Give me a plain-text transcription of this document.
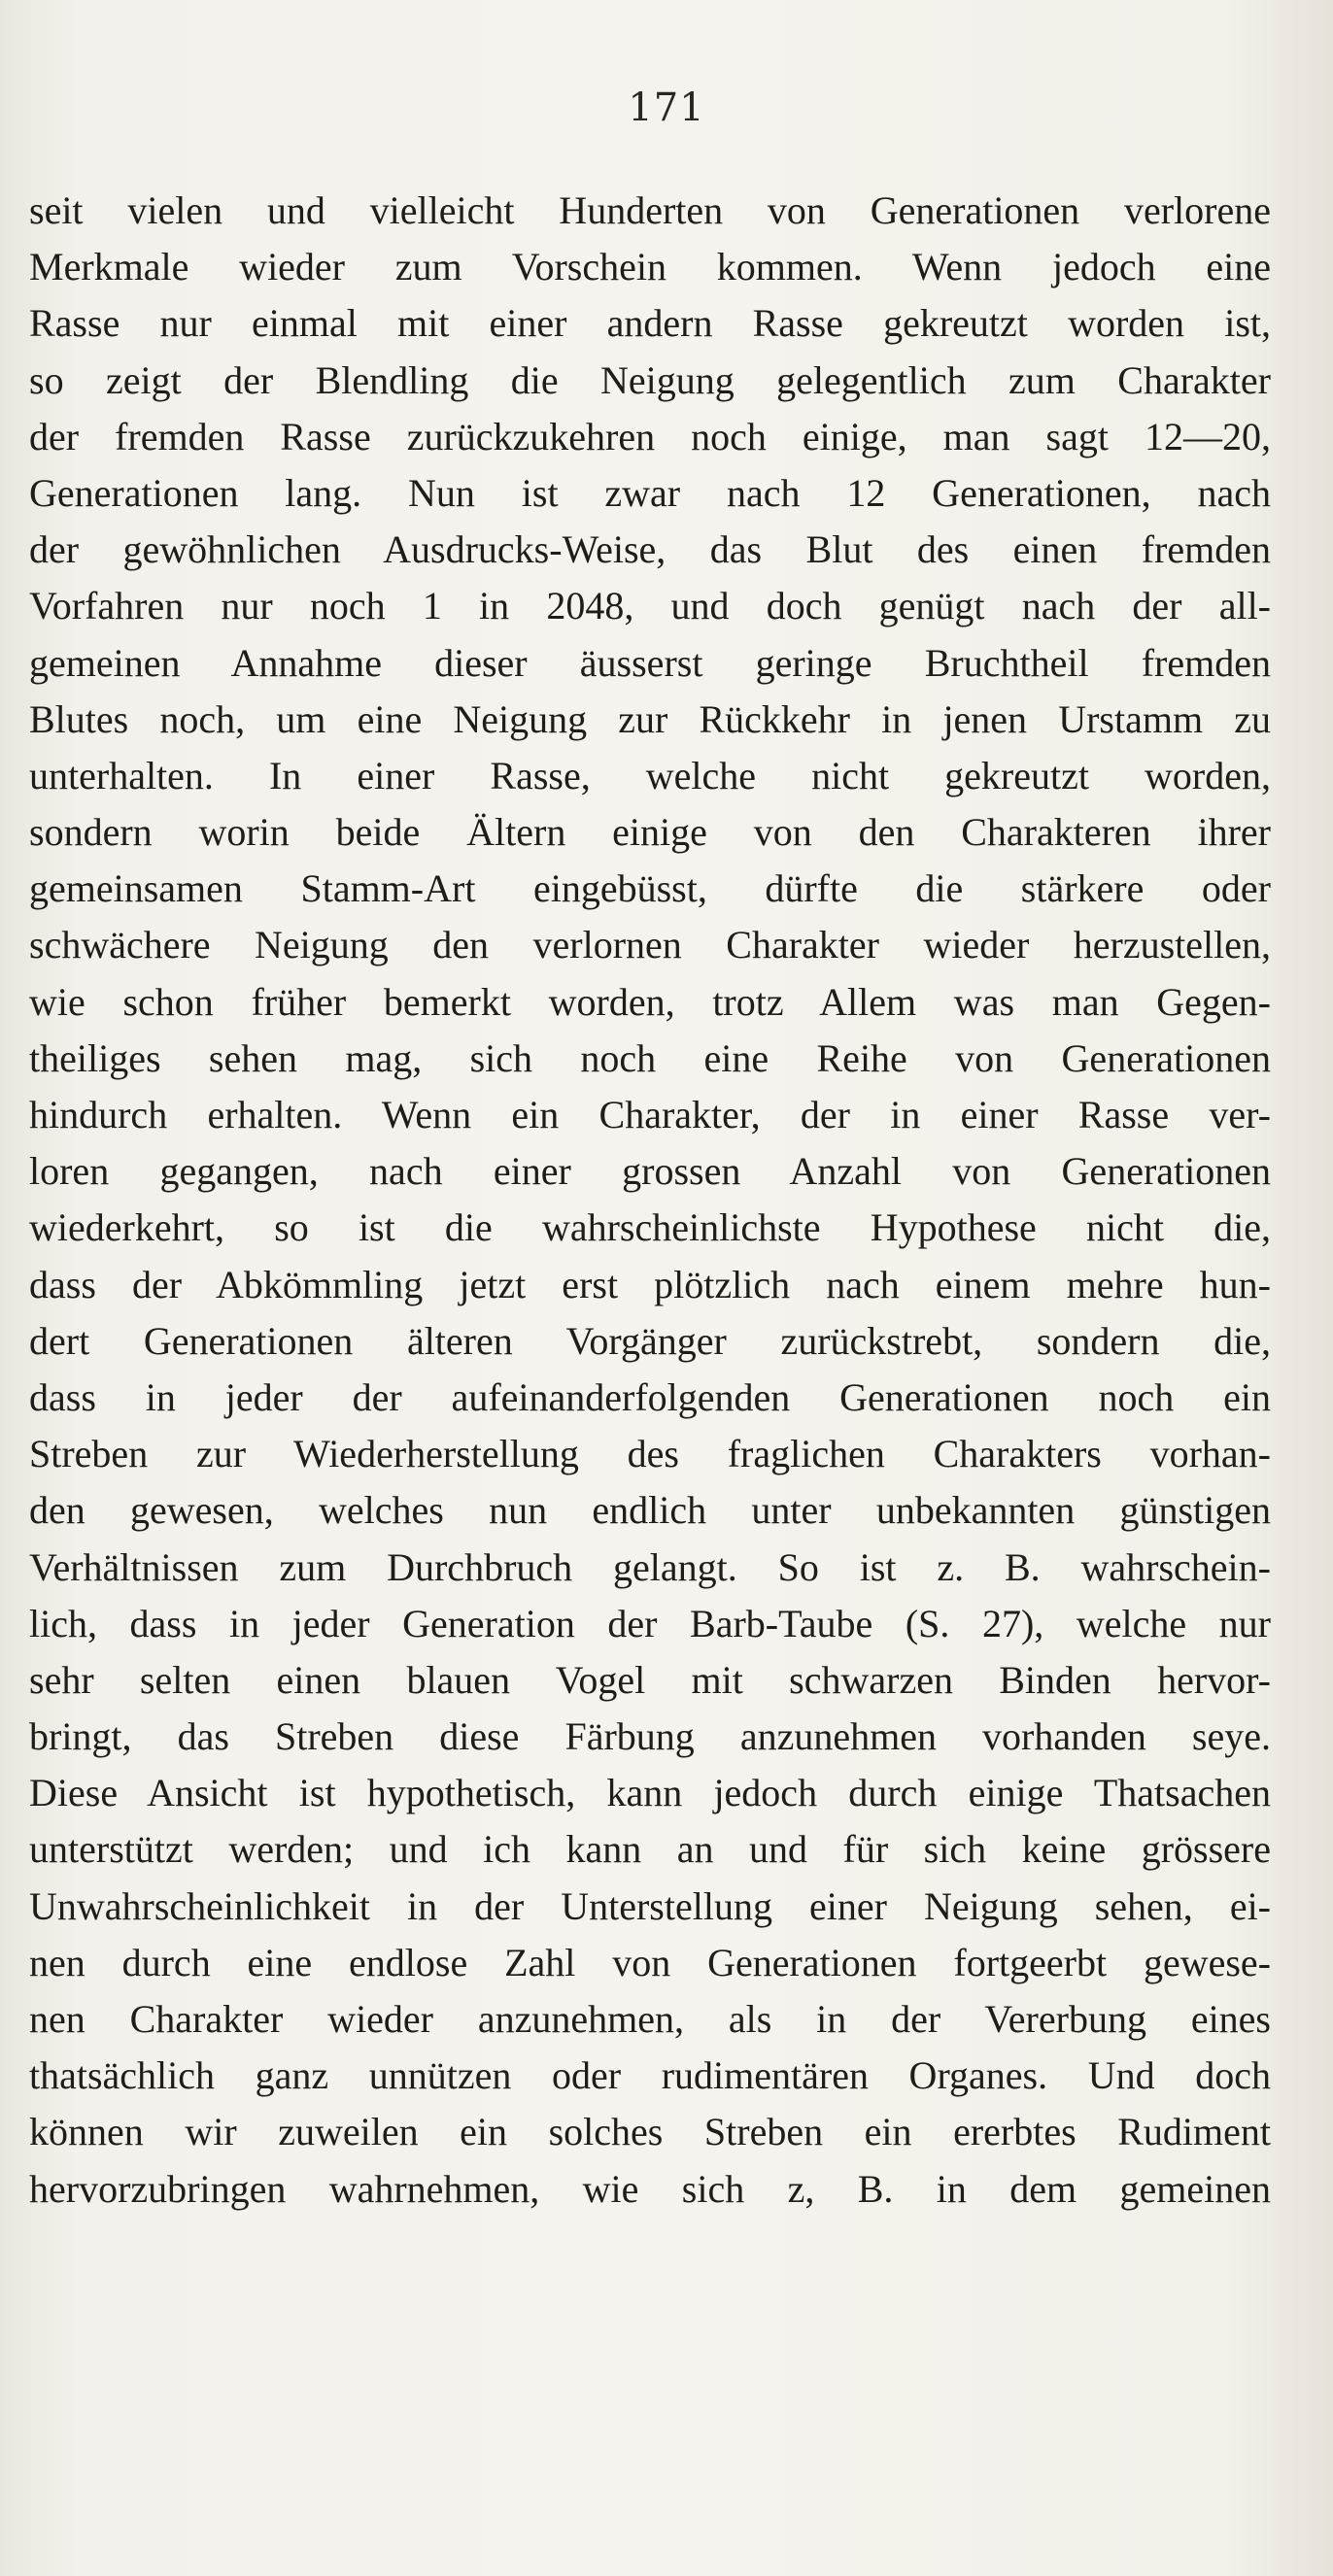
171
seit vielen und vielleicht Hunderten von Generationen verlorene
Merkmale wieder zum Vorschein kommen. Wenn jedoch eine
Rasse nur einmal mit einer andern Rasse gekreutzt worden ist,
so zeigt der Blendling die Neigung gelegentlich zum Charakter
der fremden Rasse zurückzukehren noch einige, man sagt 12—20,
Generationen lang. Nun ist zwar nach 12 Generationen, nach
der gewöhnlichen Ausdrucks-Weise, das Blut des einen fremden
Vorfahren nur noch 1 in 2048, und doch genügt nach der all-
gemeinen Annahme dieser äusserst geringe Bruchtheil fremden
Blutes noch, um eine Neigung zur Rückkehr in jenen Urstamm zu
unterhalten. In einer Rasse, welche nicht gekreutzt worden,
sondern worin beide Ältern einige von den Charakteren ihrer
gemeinsamen Stamm-Art eingebüsst, dürfte die stärkere oder
schwächere Neigung den verlornen Charakter wieder herzustellen,
wie schon früher bemerkt worden, trotz Allem was man Gegen-
theiliges sehen mag, sich noch eine Reihe von Generationen
hindurch erhalten. Wenn ein Charakter, der in einer Rasse ver-
loren gegangen, nach einer grossen Anzahl von Generationen
wiederkehrt, so ist die wahrscheinlichste Hypothese nicht die,
dass der Abkömmling jetzt erst plötzlich nach einem mehre hun-
dert Generationen älteren Vorgänger zurückstrebt, sondern die,
dass in jeder der aufeinanderfolgenden Generationen noch ein
Streben zur Wiederherstellung des fraglichen Charakters vorhan-
den gewesen, welches nun endlich unter unbekannten günstigen
Verhältnissen zum Durchbruch gelangt. So ist z. B. wahrschein-
lich, dass in jeder Generation der Barb-Taube (S. 27), welche nur
sehr selten einen blauen Vogel mit schwarzen Binden hervor-
bringt, das Streben diese Färbung anzunehmen vorhanden seye.
Diese Ansicht ist hypothetisch, kann jedoch durch einige Thatsachen
unterstützt werden; und ich kann an und für sich keine grössere
Unwahrscheinlichkeit in der Unterstellung einer Neigung sehen, ei-
nen durch eine endlose Zahl von Generationen fortgeerbt gewese-
nen Charakter wieder anzunehmen, als in der Vererbung eines
thatsächlich ganz unnützen oder rudimentären Organes. Und doch
können wir zuweilen ein solches Streben ein ererbtes Rudiment
hervorzubringen wahrnehmen, wie sich z, B. in dem gemeinen
